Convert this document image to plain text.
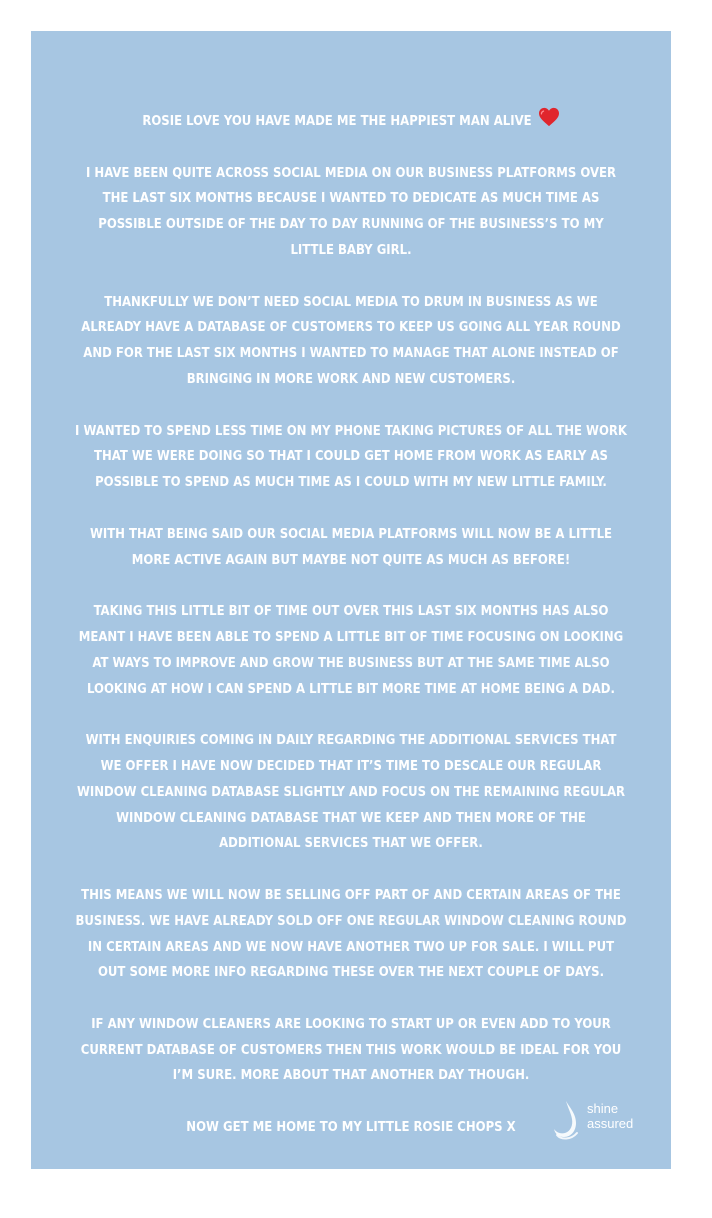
ROSIE LOVE YOU HAVE MADE ME THE HAPPIEST MAN ALIVE

I HAVE BEEN QUITE ACROSS SOCIAL MEDIA ON OUR BUSINESS PLATFORMS OVER THE LAST SIX MONTHS BECAUSE I WANTED TO DEDICATE AS MUCH TIME AS POSSIBLE OUTSIDE OF THE DAY TO DAY RUNNING OF THE BUSINESS’S TO MY LITTLE BABY GIRL.

THANKFULLY WE DON’T NEED SOCIAL MEDIA TO DRUM IN BUSINESS AS WE ALREADY HAVE A DATABASE OF CUSTOMERS TO KEEP US GOING ALL YEAR ROUND AND FOR THE LAST SIX MONTHS I WANTED TO MANAGE THAT ALONE INSTEAD OF BRINGING IN MORE WORK AND NEW CUSTOMERS.

I WANTED TO SPEND LESS TIME ON MY PHONE TAKING PICTURES OF ALL THE WORK THAT WE WERE DOING SO THAT I COULD GET HOME FROM WORK AS EARLY AS POSSIBLE TO SPEND AS MUCH TIME AS I COULD WITH MY NEW LITTLE FAMILY.

WITH THAT BEING SAID OUR SOCIAL MEDIA PLATFORMS WILL NOW BE A LITTLE MORE ACTIVE AGAIN BUT MAYBE NOT QUITE AS MUCH AS BEFORE!

TAKING THIS LITTLE BIT OF TIME OUT OVER THIS LAST SIX MONTHS HAS ALSO MEANT I HAVE BEEN ABLE TO SPEND A LITTLE BIT OF TIME FOCUSING ON LOOKING AT WAYS TO IMPROVE AND GROW THE BUSINESS BUT AT THE SAME TIME ALSO LOOKING AT HOW I CAN SPEND A LITTLE BIT MORE TIME AT HOME BEING A DAD.

WITH ENQUIRIES COMING IN DAILY REGARDING THE ADDITIONAL SERVICES THAT WE OFFER I HAVE NOW DECIDED THAT IT’S TIME TO DESCALE OUR REGULAR WINDOW CLEANING DATABASE SLIGHTLY AND FOCUS ON THE REMAINING REGULAR WINDOW CLEANING DATABASE THAT WE KEEP AND THEN MORE OF THE ADDITIONAL SERVICES THAT WE OFFER.

THIS MEANS WE WILL NOW BE SELLING OFF PART OF AND CERTAIN AREAS OF THE BUSINESS. WE HAVE ALREADY SOLD OFF ONE REGULAR WINDOW CLEANING ROUND IN CERTAIN AREAS AND WE NOW HAVE ANOTHER TWO UP FOR SALE. I WILL PUT OUT SOME MORE INFO REGARDING THESE OVER THE NEXT COUPLE OF DAYS.

IF ANY WINDOW CLEANERS ARE LOOKING TO START UP OR EVEN ADD TO YOUR CURRENT DATABASE OF CUSTOMERS THEN THIS WORK WOULD BE IDEAL FOR YOU I’M SURE. MORE ABOUT THAT ANOTHER DAY THOUGH.

NOW GET ME HOME TO MY LITTLE ROSIE CHOPS X

RYAN

shine
assured
